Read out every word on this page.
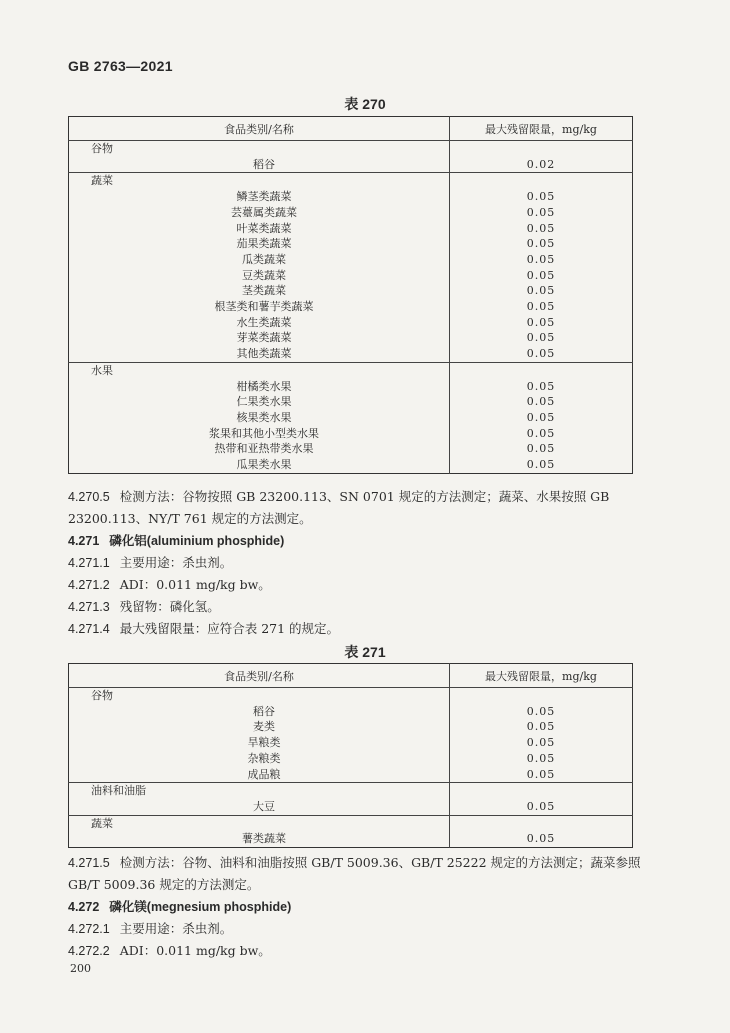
GB 2763—2021
表 270
食品类别/名称	最大残留限量，mg/kg
谷物	
稻谷	0.02
蔬菜	
鳞茎类蔬菜	0.05
芸薹属类蔬菜	0.05
叶菜类蔬菜	0.05
茄果类蔬菜	0.05
瓜类蔬菜	0.05
豆类蔬菜	0.05
茎类蔬菜	0.05
根茎类和薯芋类蔬菜	0.05
水生类蔬菜	0.05
芽菜类蔬菜	0.05
其他类蔬菜	0.05
水果	
柑橘类水果	0.05
仁果类水果	0.05
核果类水果	0.05
浆果和其他小型类水果	0.05
热带和亚热带类水果	0.05
瓜果类水果	0.05
4.270.5 检测方法：谷物按照 GB 23200.113、SN 0701 规定的方法测定；蔬菜、水果按照 GB 23200.113、NY/T 761 规定的方法测定。
4.271 磷化铝(aluminium phosphide)
4.271.1 主要用途：杀虫剂。
4.271.2 ADI：0.011 mg/kg bw。
4.271.3 残留物：磷化氢。
4.271.4 最大残留限量：应符合表 271 的规定。
表 271
食品类别/名称	最大残留限量，mg/kg
谷物	
稻谷	0.05
麦类	0.05
旱粮类	0.05
杂粮类	0.05
成品粮	0.05
油料和油脂	
大豆	0.05
蔬菜	
薯类蔬菜	0.05
4.271.5 检测方法：谷物、油料和油脂按照 GB/T 5009.36、GB/T 25222 规定的方法测定；蔬菜参照 GB/T 5009.36 规定的方法测定。
4.272 磷化镁(megnesium phosphide)
4.272.1 主要用途：杀虫剂。
4.272.2 ADI：0.011 mg/kg bw。
200
